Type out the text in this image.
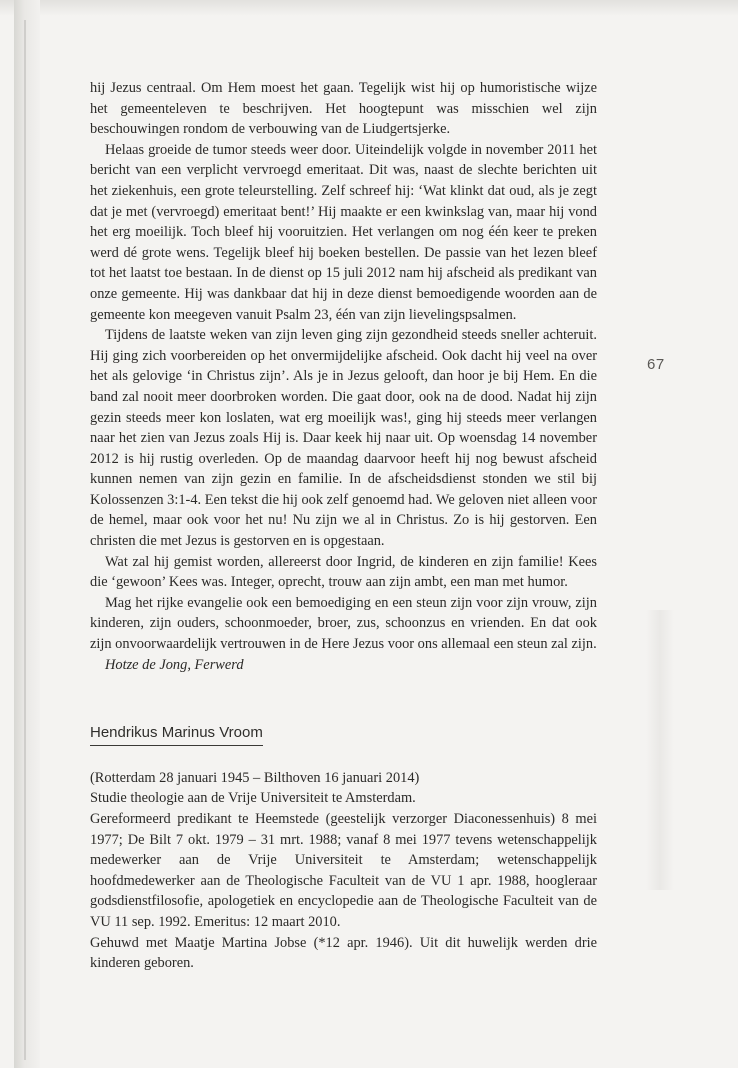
67

hij Jezus centraal. Om Hem moest het gaan. Tegelijk wist hij op humoristische wijze het gemeenteleven te beschrijven. Het hoogtepunt was misschien wel zijn beschouwingen rondom de verbouwing van de Liudgertsjerke.

Helaas groeide de tumor steeds weer door. Uiteindelijk volgde in november 2011 het bericht van een verplicht vervroegd emeritaat. Dit was, naast de slechte berichten uit het ziekenhuis, een grote teleurstelling. Zelf schreef hij: ‘Wat klinkt dat oud, als je zegt dat je met (vervroegd) emeritaat bent!’ Hij maakte er een kwinkslag van, maar hij vond het erg moeilijk. Toch bleef hij vooruitzien. Het verlangen om nog één keer te preken werd dé grote wens. Tegelijk bleef hij boeken bestellen. De passie van het lezen bleef tot het laatst toe bestaan. In de dienst op 15 juli 2012 nam hij afscheid als predikant van onze gemeente. Hij was dankbaar dat hij in deze dienst bemoedigende woorden aan de gemeente kon meegeven vanuit Psalm 23, één van zijn lievelingspsalmen.

Tijdens de laatste weken van zijn leven ging zijn gezondheid steeds sneller achteruit. Hij ging zich voorbereiden op het onvermijdelijke afscheid. Ook dacht hij veel na over het als gelovige ‘in Christus zijn’. Als je in Jezus gelooft, dan hoor je bij Hem. En die band zal nooit meer doorbroken worden. Die gaat door, ook na de dood. Nadat hij zijn gezin steeds meer kon loslaten, wat erg moeilijk was!, ging hij steeds meer verlangen naar het zien van Jezus zoals Hij is. Daar keek hij naar uit. Op woensdag 14 november 2012 is hij rustig overleden. Op de maandag daarvoor heeft hij nog bewust afscheid kunnen nemen van zijn gezin en familie. In de afscheidsdienst stonden we stil bij Kolossenzen 3:1-4. Een tekst die hij ook zelf genoemd had. We geloven niet alleen voor de hemel, maar ook voor het nu! Nu zijn we al in Christus. Zo is hij gestorven. Een christen die met Jezus is gestorven en is opgestaan.

Wat zal hij gemist worden, allereerst door Ingrid, de kinderen en zijn familie! Kees die ‘gewoon’ Kees was. Integer, oprecht, trouw aan zijn ambt, een man met humor.

Mag het rijke evangelie ook een bemoediging en een steun zijn voor zijn vrouw, zijn kinderen, zijn ouders, schoonmoeder, broer, zus, schoonzus en vrienden. En dat ook zijn onvoorwaardelijk vertrouwen in de Here Jezus voor ons allemaal een steun zal zijn.

Hotze de Jong, Ferwerd

Hendrikus Marinus Vroom

(Rotterdam 28 januari 1945 – Bilthoven 16 januari 2014)

Studie theologie aan de Vrije Universiteit te Amsterdam.

Gereformeerd predikant te Heemstede (geestelijk verzorger Diaconessenhuis) 8 mei 1977; De Bilt 7 okt. 1979 – 31 mrt. 1988; vanaf 8 mei 1977 tevens wetenschappelijk medewerker aan de Vrije Universiteit te Amsterdam; wetenschappelijk hoofdmedewerker aan de Theologische Faculteit van de VU 1 apr. 1988, hoogleraar godsdienstfilosofie, apologetiek en encyclopedie aan de Theologische Faculteit van de VU 11 sep. 1992. Emeritus: 12 maart 2010.

Gehuwd met Maatje Martina Jobse (*12 apr. 1946). Uit dit huwelijk werden drie kinderen geboren.
